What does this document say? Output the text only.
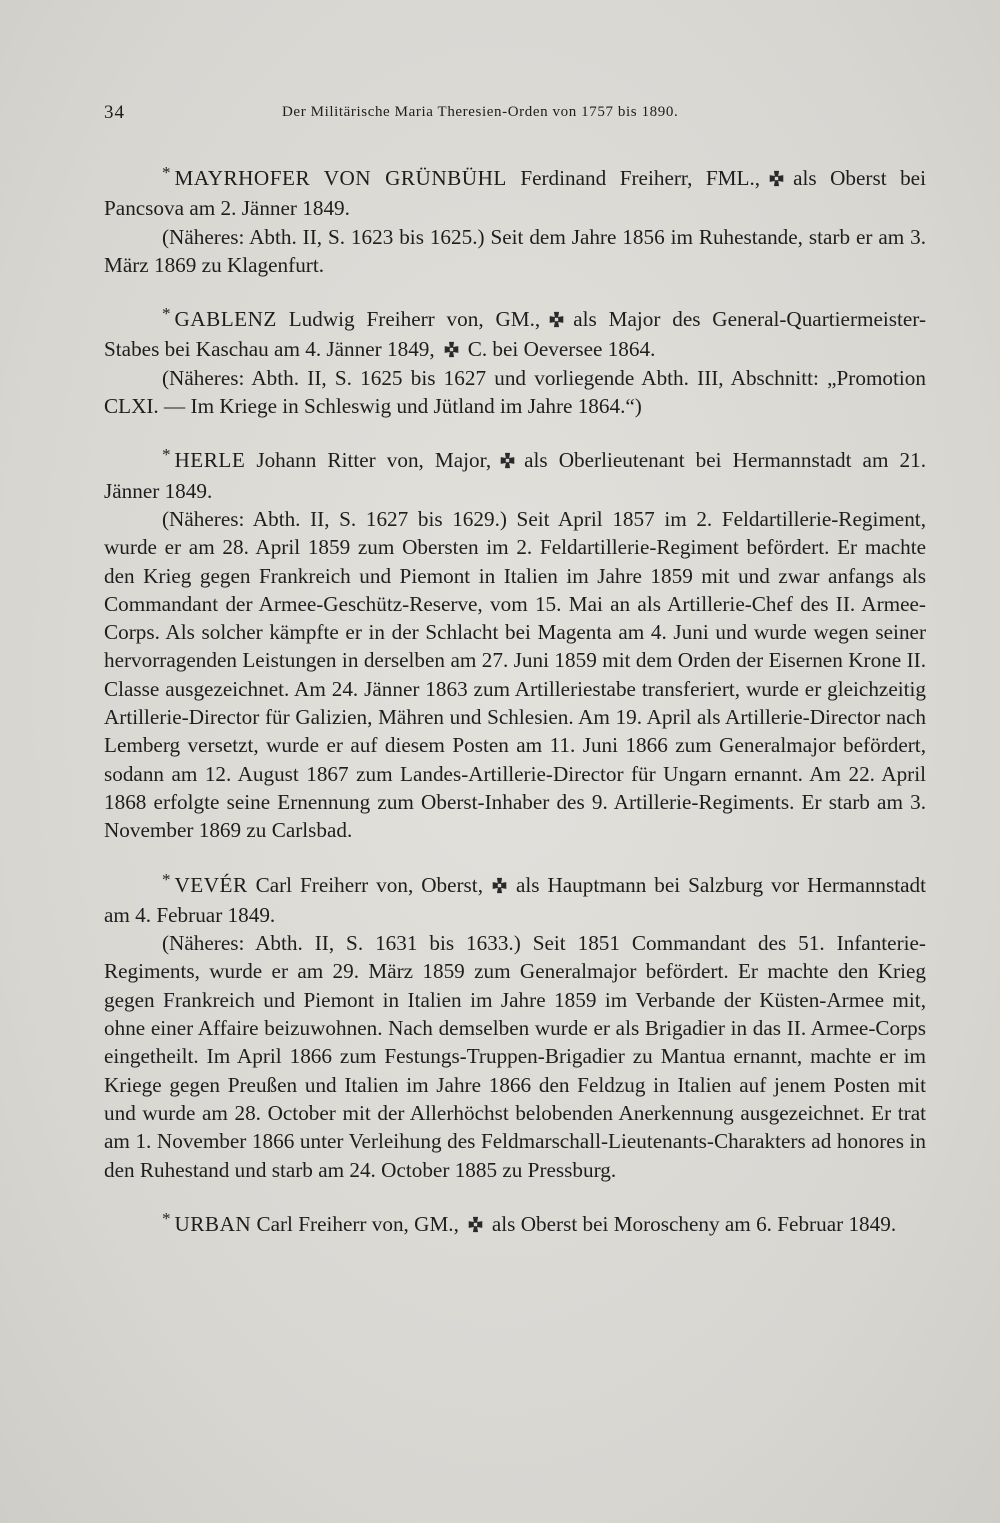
34	Der Militärische Maria Theresien-Orden von 1757 bis 1890.

* MAYRHOFER VON GRÜNBÜHL Ferdinand Freiherr, FML., als Oberst bei Pancsova am 2. Jänner 1849.

(Näheres: Abth. II, S. 1623 bis 1625.) Seit dem Jahre 1856 im Ruhestande, starb er am 3. März 1869 zu Klagenfurt.

* GABLENZ Ludwig Freiherr von, GM., als Major des General-Quartiermeister-Stabes bei Kaschau am 4. Jänner 1849, C. bei Oeversee 1864.

(Näheres: Abth. II, S. 1625 bis 1627 und vorliegende Abth. III, Abschnitt: „Promotion CLXI. — Im Kriege in Schleswig und Jütland im Jahre 1864.“)

* HERLE Johann Ritter von, Major, als Oberlieutenant bei Hermannstadt am 21. Jänner 1849.

(Näheres: Abth. II, S. 1627 bis 1629.) Seit April 1857 im 2. Feldartillerie-Regiment, wurde er am 28. April 1859 zum Obersten im 2. Feldartillerie-Regiment befördert. Er machte den Krieg gegen Frankreich und Piemont in Italien im Jahre 1859 mit und zwar anfangs als Commandant der Armee-Geschütz-Reserve, vom 15. Mai an als Artillerie-Chef des II. Armee-Corps. Als solcher kämpfte er in der Schlacht bei Magenta am 4. Juni und wurde wegen seiner hervorragenden Leistungen in derselben am 27. Juni 1859 mit dem Orden der Eisernen Krone II. Classe ausgezeichnet. Am 24. Jänner 1863 zum Artilleriestabe transferiert, wurde er gleichzeitig Artillerie-Director für Galizien, Mähren und Schlesien. Am 19. April als Artillerie-Director nach Lemberg versetzt, wurde er auf diesem Posten am 11. Juni 1866 zum Generalmajor befördert, sodann am 12. August 1867 zum Landes-Artillerie-Director für Ungarn ernannt. Am 22. April 1868 erfolgte seine Ernennung zum Oberst-Inhaber des 9. Artillerie-Regiments. Er starb am 3. November 1869 zu Carlsbad.

* VEVÉR Carl Freiherr von, Oberst, als Hauptmann bei Salzburg vor Hermannstadt am 4. Februar 1849.

(Näheres: Abth. II, S. 1631 bis 1633.) Seit 1851 Commandant des 51. Infanterie-Regiments, wurde er am 29. März 1859 zum Generalmajor befördert. Er machte den Krieg gegen Frankreich und Piemont in Italien im Jahre 1859 im Verbande der Küsten-Armee mit, ohne einer Affaire beizuwohnen. Nach demselben wurde er als Brigadier in das II. Armee-Corps eingetheilt. Im April 1866 zum Festungs-Truppen-Brigadier zu Mantua ernannt, machte er im Kriege gegen Preußen und Italien im Jahre 1866 den Feldzug in Italien auf jenem Posten mit und wurde am 28. October mit der Allerhöchst belobenden Anerkennung ausgezeichnet. Er trat am 1. November 1866 unter Verleihung des Feldmarschall-Lieutenants-Charakters ad honores in den Ruhestand und starb am 24. October 1885 zu Pressburg.

* URBAN Carl Freiherr von, GM., als Oberst bei Moroscheny am 6. Februar 1849.
